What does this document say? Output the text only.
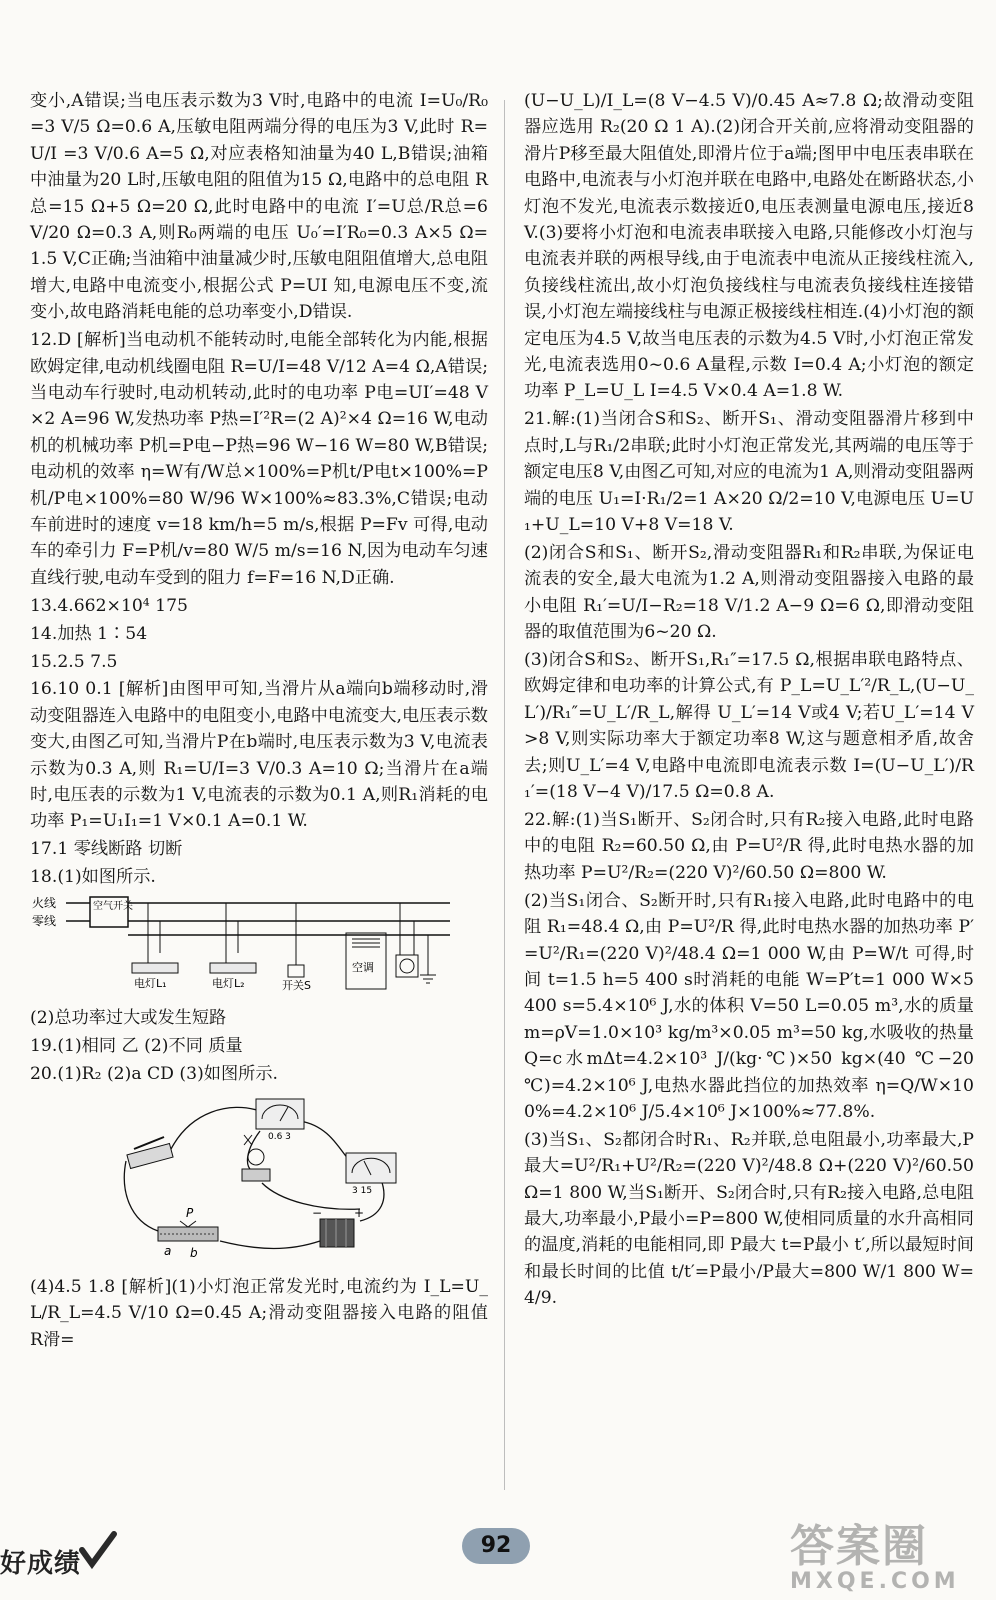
变小,A错误;当电压表示数为3 V时,电路中的电流 I=U₀/R₀ =3 V/5 Ω=0.6 A,压敏电阻两端分得的电压为3 V,此时 R=U/I =3 V/0.6 A=5 Ω,对应表格知油量为40 L,B错误;油箱中油量为20 L时,压敏电阻的阻值为15 Ω,电路中的总电阻 R总=15 Ω+5 Ω=20 Ω,此时电路中的电流 I′=U总/R总=6 V/20 Ω=0.3 A,则R₀两端的电压 U₀′=I′R₀=0.3 A×5 Ω=1.5 V,C正确;当油箱中油量减少时,压敏电阻阻值增大,总电阻增大,电路中电流变小,根据公式 P=UI 知,电源电压不变,流变小,故电路消耗电能的总功率变小,D错误.

12.D [解析]当电动机不能转动时,电能全部转化为内能,根据欧姆定律,电动机线圈电阻 R=U/I=48 V/12 A=4 Ω,A错误;当电动车行驶时,电动机转动,此时的电功率 P电=UI′=48 V×2 A=96 W,发热功率 P热=I′²R=(2 A)²×4 Ω=16 W,电动机的机械功率 P机=P电−P热=96 W−16 W=80 W,B错误;电动机的效率 η=W有/W总×100%=P机t/P电t×100%=P机/P电×100%=80 W/96 W×100%≈83.3%,C错误;电动车前进时的速度 v=18 km/h=5 m/s,根据 P=Fv 可得,电动车的牵引力 F=P机/v=80 W/5 m/s=16 N,因为电动车匀速直线行驶,电动车受到的阻力 f=F=16 N,D正确.

13.4.662×10⁴ 175

14.加热 1∶54

15.2.5 7.5

16.10 0.1 [解析]由图甲可知,当滑片从a端向b端移动时,滑动变阻器连入电路中的电阻变小,电路中电流变大,电压表示数变大,由图乙可知,当滑片P在b端时,电压表示数为3 V,电流表示数为0.3 A,则 R₁=U/I=3 V/0.3 A=10 Ω;当滑片在a端时,电压表的示数为1 V,电流表的示数为0.1 A,则R₁消耗的电功率 P₁=U₁I₁=1 V×0.1 A=0.1 W.

17.1 零线断路 切断

18.(1)如图所示.

火线
零线
空气开关
电灯L₁	电灯L₂	开关S
空调

(2)总功率过大或发生短路

19.(1)相同 乙 (2)不同 质量

20.(1)R₂ (2)a CD (3)如图所示.

0.6 3
3 15
−	+
P
a b

(4)4.5 1.8 [解析](1)小灯泡正常发光时,电流约为 I_L=U_L/R_L=4.5 V/10 Ω=0.45 A;滑动变阻器接入电路的阻值 R滑=

(U−U_L)/I_L=(8 V−4.5 V)/0.45 A≈7.8 Ω;故滑动变阻器应选用 R₂(20 Ω 1 A).(2)闭合开关前,应将滑动变阻器的滑片P移至最大阻值处,即滑片位于a端;图甲中电压表串联在电路中,电流表与小灯泡并联在电路中,电路处在断路状态,小灯泡不发光,电流表示数接近0,电压表测量电源电压,接近8 V.(3)要将小灯泡和电流表串联接入电路,只能修改小灯泡与电流表并联的两根导线,由于电流表中电流从正接线柱流入,负接线柱流出,故小灯泡负接线柱与电流表负接线柱连接错误,小灯泡左端接线柱与电源正极接线柱相连.(4)小灯泡的额定电压为4.5 V,故当电压表的示数为4.5 V时,小灯泡正常发光,电流表选用0~0.6 A量程,示数 I=0.4 A;小灯泡的额定功率 P_L=U_L I=4.5 V×0.4 A=1.8 W.

21.解:(1)当闭合S和S₂、断开S₁、滑动变阻器滑片移到中点时,L与R₁/2串联;此时小灯泡正常发光,其两端的电压等于额定电压8 V,由图乙可知,对应的电流为1 A,则滑动变阻器两端的电压 U₁=I·R₁/2=1 A×20 Ω/2=10 V,电源电压 U=U₁+U_L=10 V+8 V=18 V.

(2)闭合S和S₁、断开S₂,滑动变阻器R₁和R₂串联,为保证电流表的安全,最大电流为1.2 A,则滑动变阻器接入电路的最小电阻 R₁′=U/I−R₂=18 V/1.2 A−9 Ω=6 Ω,即滑动变阻器的取值范围为6~20 Ω.

(3)闭合S和S₂、断开S₁,R₁″=17.5 Ω,根据串联电路特点、欧姆定律和电功率的计算公式,有 P_L=U_L′²/R_L,(U−U_L′)/R₁″=U_L′/R_L,解得 U_L′=14 V或4 V;若U_L′=14 V>8 V,则实际功率大于额定功率8 W,这与题意相矛盾,故舍去;则U_L′=4 V,电路中电流即电流表示数 I=(U−U_L′)/R₁′=(18 V−4 V)/17.5 Ω=0.8 A.

22.解:(1)当S₁断开、S₂闭合时,只有R₂接入电路,此时电路中的电阻 R₂=60.50 Ω,由 P=U²/R 得,此时电热水器的加热功率 P=U²/R₂=(220 V)²/60.50 Ω=800 W.

(2)当S₁闭合、S₂断开时,只有R₁接入电路,此时电路中的电阻 R₁=48.4 Ω,由 P=U²/R 得,此时电热水器的加热功率 P′=U²/R₁=(220 V)²/48.4 Ω=1 000 W,由 P=W/t 可得,时间 t=1.5 h=5 400 s时消耗的电能 W=P′t=1 000 W×5 400 s=5.4×10⁶ J,水的体积 V=50 L=0.05 m³,水的质量 m=ρV=1.0×10³ kg/m³×0.05 m³=50 kg,水吸收的热量 Q=c水mΔt=4.2×10³ J/(kg·℃)×50 kg×(40 ℃−20 ℃)=4.2×10⁶ J,电热水器此挡位的加热效率 η=Q/W×100%=4.2×10⁶ J/5.4×10⁶ J×100%≈77.8%.

(3)当S₁、S₂都闭合时R₁、R₂并联,总电阻最小,功率最大,P最大=U²/R₁+U²/R₂=(220 V)²/48.8 Ω+(220 V)²/60.50 Ω=1 800 W,当S₁断开、S₂闭合时,只有R₂接入电路,总电阻最大,功率最小,P最小=P=800 W,使相同质量的水升高相同的温度,消耗的电能相同,即 P最大 t=P最小 t′,所以最短时间和最长时间的比值 t/t′=P最小/P最大=800 W/1 800 W=4/9.

好成绩
92	答案圈
MXQE.COM
